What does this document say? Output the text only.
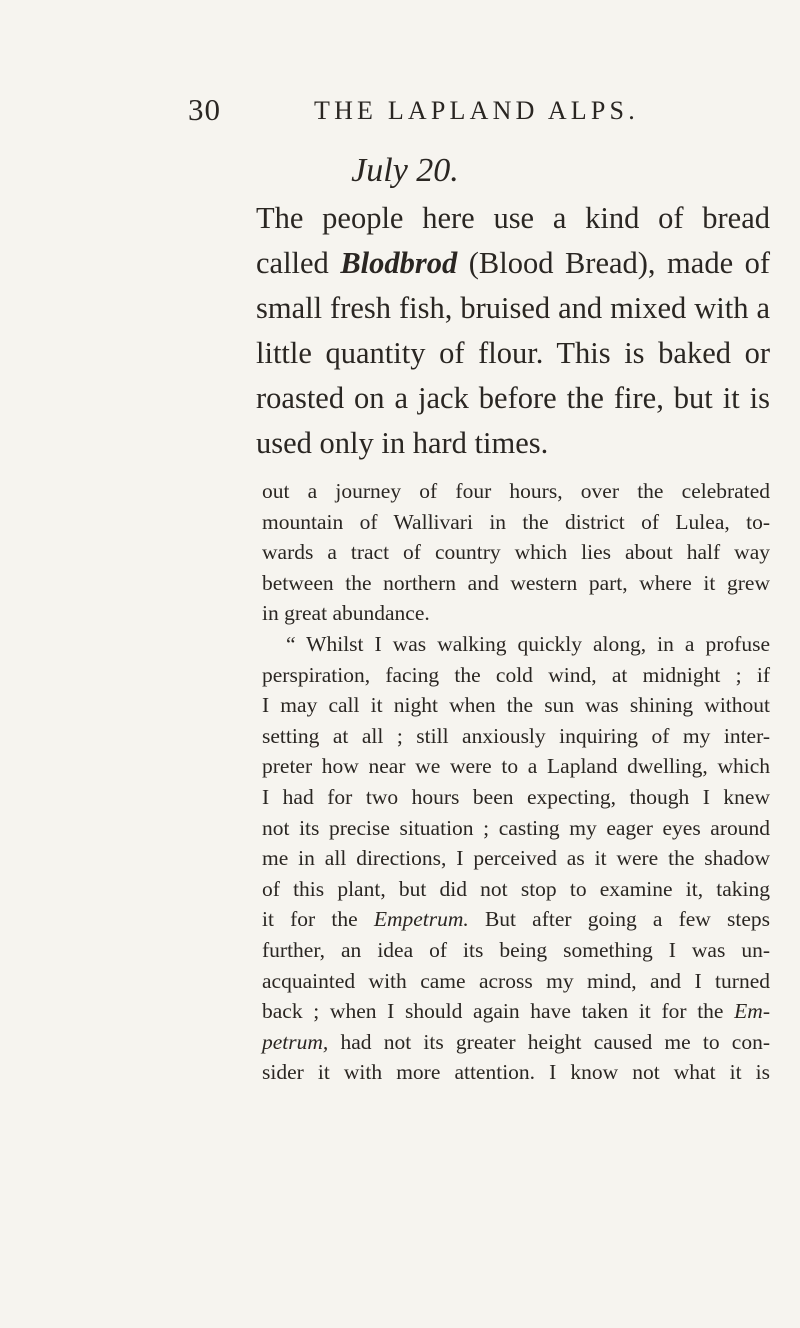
30	THE LAPLAND ALPS.
July 20.
The people here use a kind of bread
called Blodbrod (Blood Bread), made of
small fresh fish, bruised and mixed with a
little quantity of flour. This is baked or
roasted on a jack before the fire, but it is
used only in hard times.
out a journey of four hours, over the celebrated
mountain of Wallivari in the district of Lulea, to-
wards a tract of country which lies about half way
between the northern and western part, where it grew
in great abundance.
“ Whilst I was walking quickly along, in a profuse
perspiration, facing the cold wind, at midnight ; if
I may call it night when the sun was shining without
setting at all ; still anxiously inquiring of my inter-
preter how near we were to a Lapland dwelling, which
I had for two hours been expecting, though I knew
not its precise situation ; casting my eager eyes around
me in all directions, I perceived as it were the shadow
of this plant, but did not stop to examine it, taking
it for the Empetrum. But after going a few steps
further, an idea of its being something I was un-
acquainted with came across my mind, and I turned
back ; when I should again have taken it for the Em-
petrum, had not its greater height caused me to con-
sider it with more attention. I know not what it is
